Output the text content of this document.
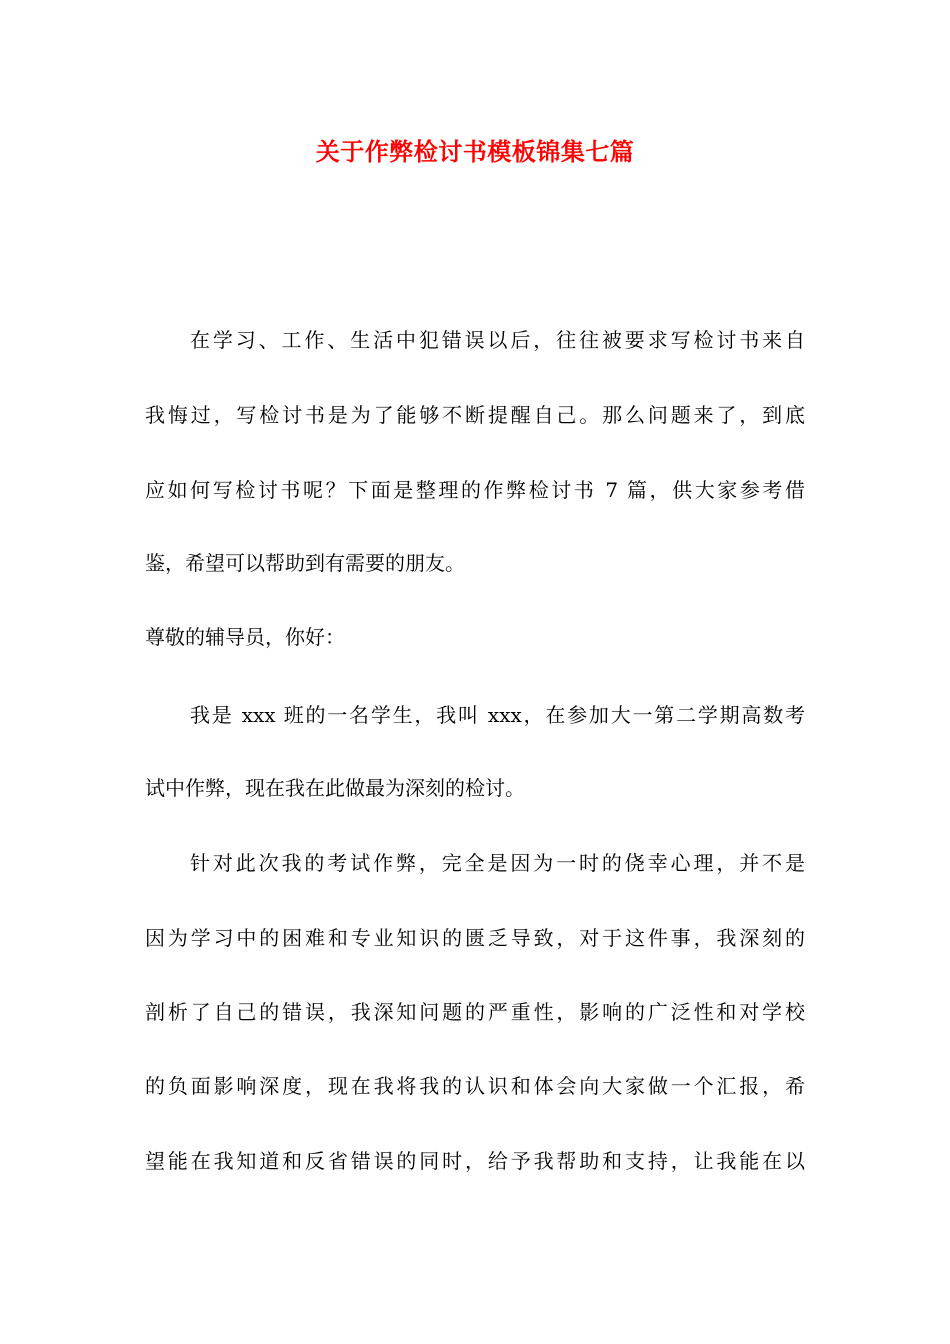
关于作弊检讨书模板锦集七篇
在学习、工作、生活中犯错误以后，往往被要求写检讨书来自
我悔过，写检讨书是为了能够不断提醒自己。那么问题来了，到底
应如何写检讨书呢？下面是整理的作弊检讨书 7 篇，供大家参考借
鉴，希望可以帮助到有需要的朋友。
尊敬的辅导员，你好：
我是 xxx 班的一名学生，我叫 xxx，在参加大一第二学期高数考
试中作弊，现在我在此做最为深刻的检讨。
针对此次我的考试作弊，完全是因为一时的侥幸心理，并不是
因为学习中的困难和专业知识的匮乏导致，对于这件事，我深刻的
剖析了自己的错误，我深知问题的严重性，影响的广泛性和对学校
的负面影响深度，现在我将我的认识和体会向大家做一个汇报，希
望能在我知道和反省错误的同时，给予我帮助和支持，让我能在以
